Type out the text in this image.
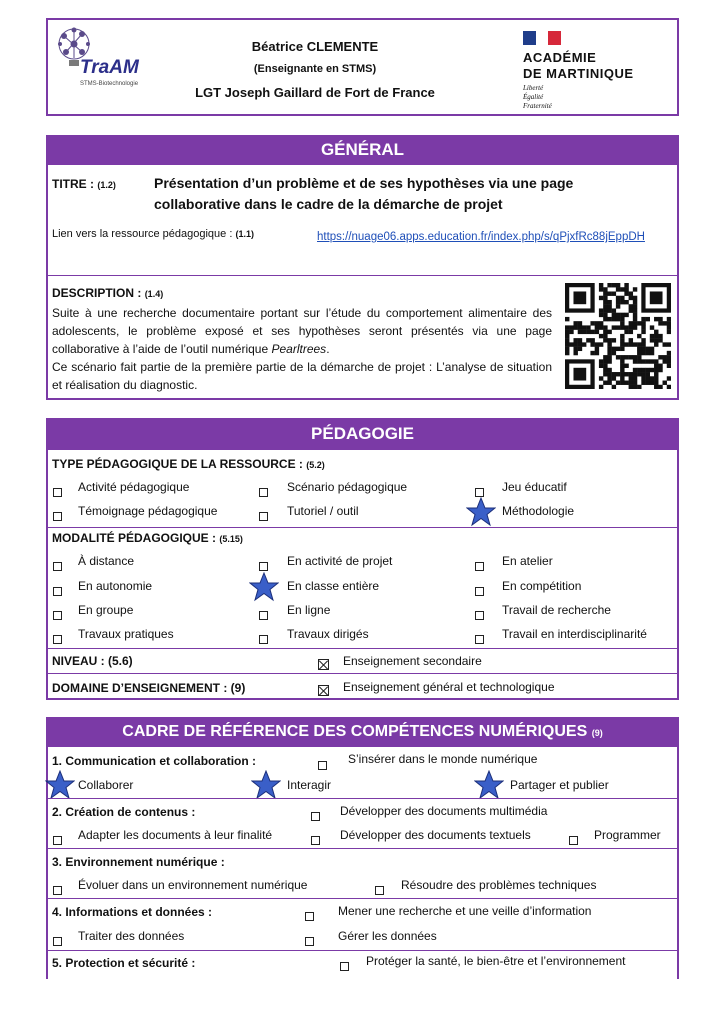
TraAM
STMS-Biotechnologie
Béatrice CLEMENTE
(Enseignante en STMS)
LGT Joseph Gaillard de Fort de France
ACADÉMIE
DE MARTINIQUE
Liberté
Égalité
Fraternité
GÉNÉRAL
TITRE : (1.2)	Présentation d’un problème et de ses hypothèses via une page
collaborative dans le cadre de la démarche de projet
Lien vers la ressource pédagogique : (1.1)	https://nuage06.apps.education.fr/index.php/s/qPjxfRc88jEppDH
DESCRIPTION : (1.4)
Suite à une recherche documentaire portant sur l’étude du comportement alimentaire des adolescents, le problème exposé et ses hypothèses seront présentés via une page collaborative à l’aide de l’outil numérique Pearltrees.
Ce scénario fait partie de la première partie de la démarche de projet : L’analyse de situation et réalisation du diagnostic.
PÉDAGOGIE
TYPE PÉDAGOGIQUE DE LA RESSOURCE : (5.2)
MODALITÉ PÉDAGOGIQUE : (5.15)
NIVEAU : (5.6)	Enseignement secondaire
DOMAINE D’ENSEIGNEMENT : (9)	Enseignement général et technologique
Activité pédagogique	Scénario pédagogique	Jeu éducatif
Témoignage pédagogique	Tutoriel / outil	Méthodologie
À distance	En activité de projet	En atelier
En autonomie	En classe entière	En compétition
En groupe	En ligne	Travail de recherche
Travaux pratiques	Travaux dirigés	Travail en interdisciplinarité
CADRE DE RÉFÉRENCE DES COMPÉTENCES NUMÉRIQUES (9)
1. Communication et collaboration :	S’insérer dans le monde numérique
Collaborer	Interagir	Partager et publier
2. Création de contenus :	Développer des documents multimédia
Adapter les documents à leur finalité	Développer des documents textuels	Programmer
3. Environnement numérique :
Évoluer dans un environnement numérique	Résoudre des problèmes techniques
4. Informations et données :	Mener une recherche et une veille d’information
Traiter des données	Gérer les données
5. Protection et sécurité :	Protéger la santé, le bien-être et l’environnement
